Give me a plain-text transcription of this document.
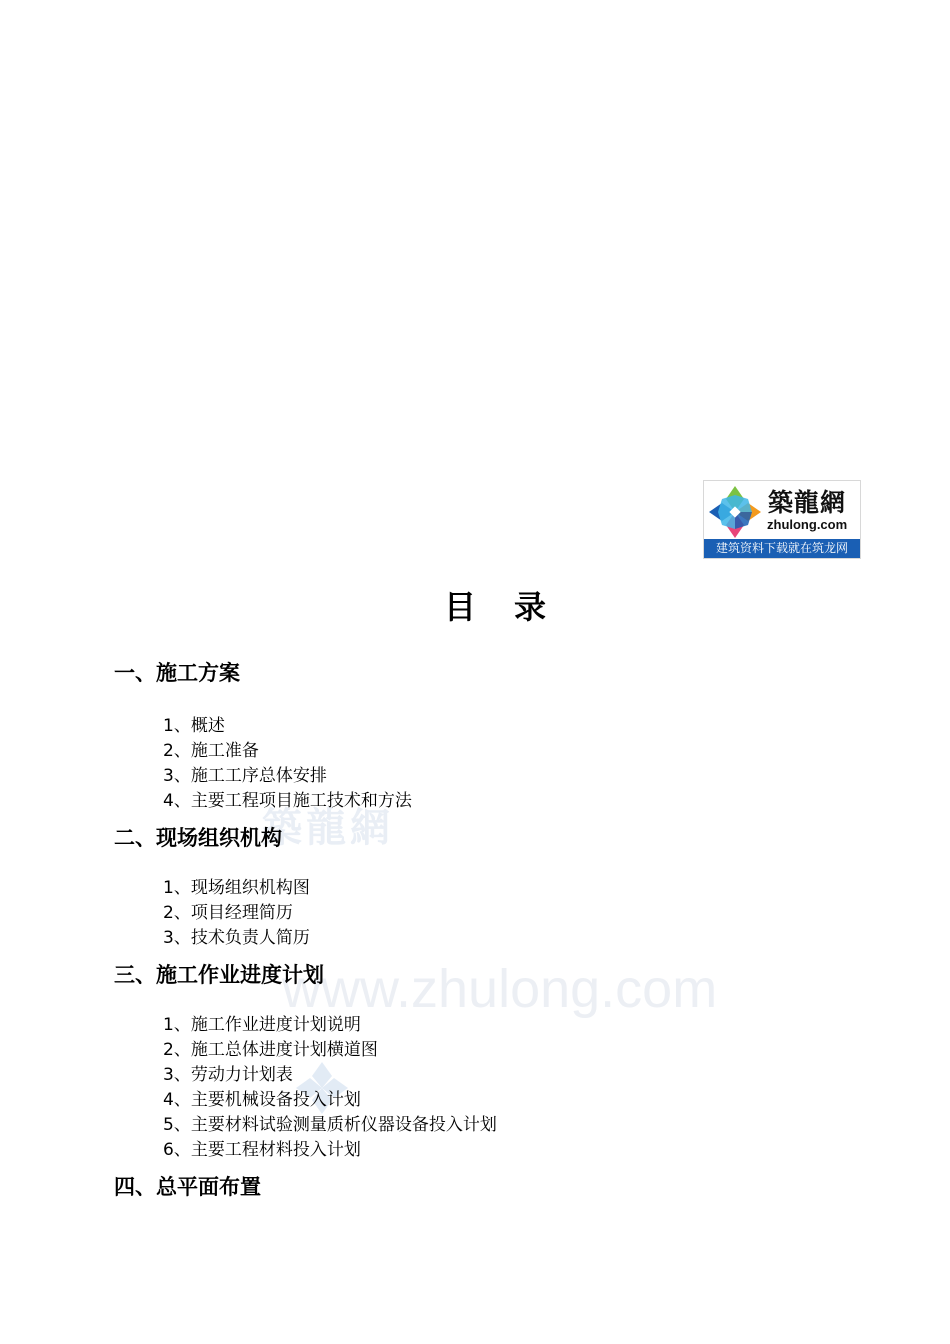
築龍網
www.zhulong.com
築龍網
zhulong.com
建筑资料下载就在筑龙网
目 录
一、施工方案
1、概述
2、施工准备
3、施工工序总体安排
4、主要工程项目施工技术和方法
二、现场组织机构
1、现场组织机构图
2、项目经理简历
3、技术负责人简历
三、施工作业进度计划
1、施工作业进度计划说明
2、施工总体进度计划横道图
3、劳动力计划表
4、主要机械设备投入计划
5、主要材料试验测量质析仪器设备投入计划
6、主要工程材料投入计划
四、总平面布置
